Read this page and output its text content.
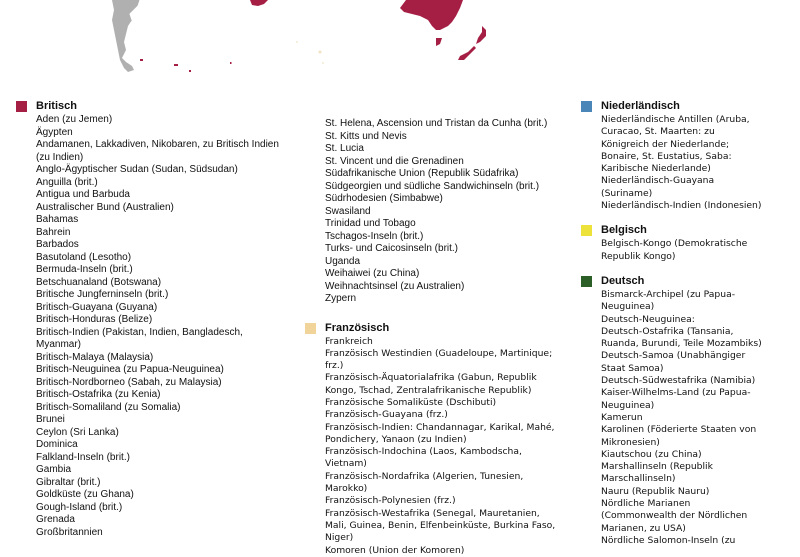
Britisch
Aden (zu Jemen)
Ägypten
Andamanen, Lakkadiven, Nikobaren, zu Britisch Indien
(zu Indien)
Anglo-Ägyptischer Sudan (Sudan, Südsudan)
Anguilla (brit.)
Antigua und Barbuda
Australischer Bund (Australien)
Bahamas
Bahrein
Barbados
Basutoland (Lesotho)
Bermuda-Inseln (brit.)
Betschuanaland (Botswana)
Britische Jungferninseln (brit.)
Britisch-Guayana (Guyana)
Britisch-Honduras (Belize)
Britisch-Indien (Pakistan, Indien, Bangladesch,
Myanmar)
Britisch-Malaya (Malaysia)
Britisch-Neuguinea (zu Papua-Neuguinea)
Britisch-Nordborneo (Sabah, zu Malaysia)
Britisch-Ostafrika (zu Kenia)
Britisch-Somaliland (zu Somalia)
Brunei
Ceylon (Sri Lanka)
Dominica
Falkland-Inseln (brit.)
Gambia
Gibraltar (brit.)
Goldküste (zu Ghana)
Gough-Island (brit.)
Grenada
Großbritannien
St. Helena, Ascension und Tristan da Cunha (brit.)
St. Kitts und Nevis
St. Lucia
St. Vincent und die Grenadinen
Südafrikanische Union (Republik Südafrika)
Südgeorgien und südliche Sandwichinseln (brit.)
Südrhodesien (Simbabwe)
Swasiland
Trinidad und Tobago
Tschagos-Inseln (brit.)
Turks- und Caicosinseln (brit.)
Uganda
Weihaiwei (zu China)
Weihnachtsinsel (zu Australien)
Zypern
Französisch
Frankreich
Französisch Westindien (Guadeloupe, Martinique;
frz.)
Französisch-Äquatorialafrika (Gabun, Republik
Kongo, Tschad, Zentralafrikanische Republik)
Französische Somaliküste (Dschibuti)
Französisch-Guayana (frz.)
Französisch-Indien: Chandannagar, Karikal, Mahé,
Pondichery, Yanaon (zu Indien)
Französisch-Indochina (Laos, Kambodscha,
Vietnam)
Französisch-Nordafrika (Algerien, Tunesien,
Marokko)
Französisch-Polynesien (frz.)
Französisch-Westafrika (Senegal, Mauretanien,
Mali, Guinea, Benin, Elfenbeinküste, Burkina Faso,
Niger)
Komoren (Union der Komoren)
Niederländisch
Niederländische Antillen (Aruba,
Curacao, St. Maarten: zu
Königreich der Niederlande;
Bonaire, St. Eustatius, Saba:
Karibische Niederlande)
Niederländisch-Guayana
(Suriname)
Niederländisch-Indien (Indonesien)
Belgisch
Belgisch-Kongo (Demokratische
Republik Kongo)
Deutsch
Bismarck-Archipel (zu Papua-
Neuguinea)
Deutsch-Neuguinea:
Deutsch-Ostafrika (Tansania,
Ruanda, Burundi, Teile Mozambiks)
Deutsch-Samoa (Unabhängiger
Staat Samoa)
Deutsch-Südwestafrika (Namibia)
Kaiser-Wilhelms-Land (zu Papua-
Neuguinea)
Kamerun
Karolinen (Föderierte Staaten von
Mikronesien)
Kiautschou (zu China)
Marshallinseln (Republik
Marschallinseln)
Nauru (Republik Nauru)
Nördliche Marianen
(Commonwealth der Nördlichen
Marianen, zu USA)
Nördliche Salomon-Inseln (zu
